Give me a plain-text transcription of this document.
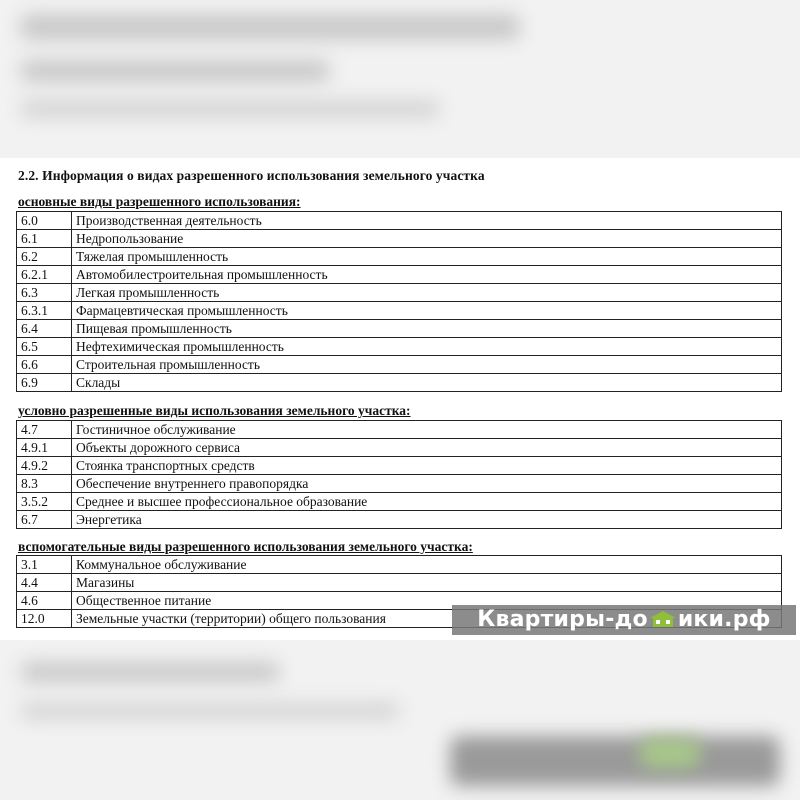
2.2. Информация о видах разрешенного использования земельного участка
основные виды разрешенного использования:
6.0	Производственная деятельность
6.1	Недропользование
6.2	Тяжелая промышленность
6.2.1	Автомобилестроительная промышленность
6.3	Легкая промышленность
6.3.1	Фармацевтическая промышленность
6.4	Пищевая промышленность
6.5	Нефтехимическая промышленность
6.6	Строительная промышленность
6.9	Склады
условно разрешенные виды использования земельного участка:
4.7	Гостиничное обслуживание
4.9.1	Объекты дорожного сервиса
4.9.2	Стоянка транспортных средств
8.3	Обеспечение внутреннего правопорядка
3.5.2	Среднее и высшее профессиональное образование
6.7	Энергетика
вспомогательные виды разрешенного использования земельного участка:
3.1	Коммунальное обслуживание
4.4	Магазины
4.6	Общественное питание
12.0	Земельные участки (территории) общего пользования	Квартиры-до ики.рф
